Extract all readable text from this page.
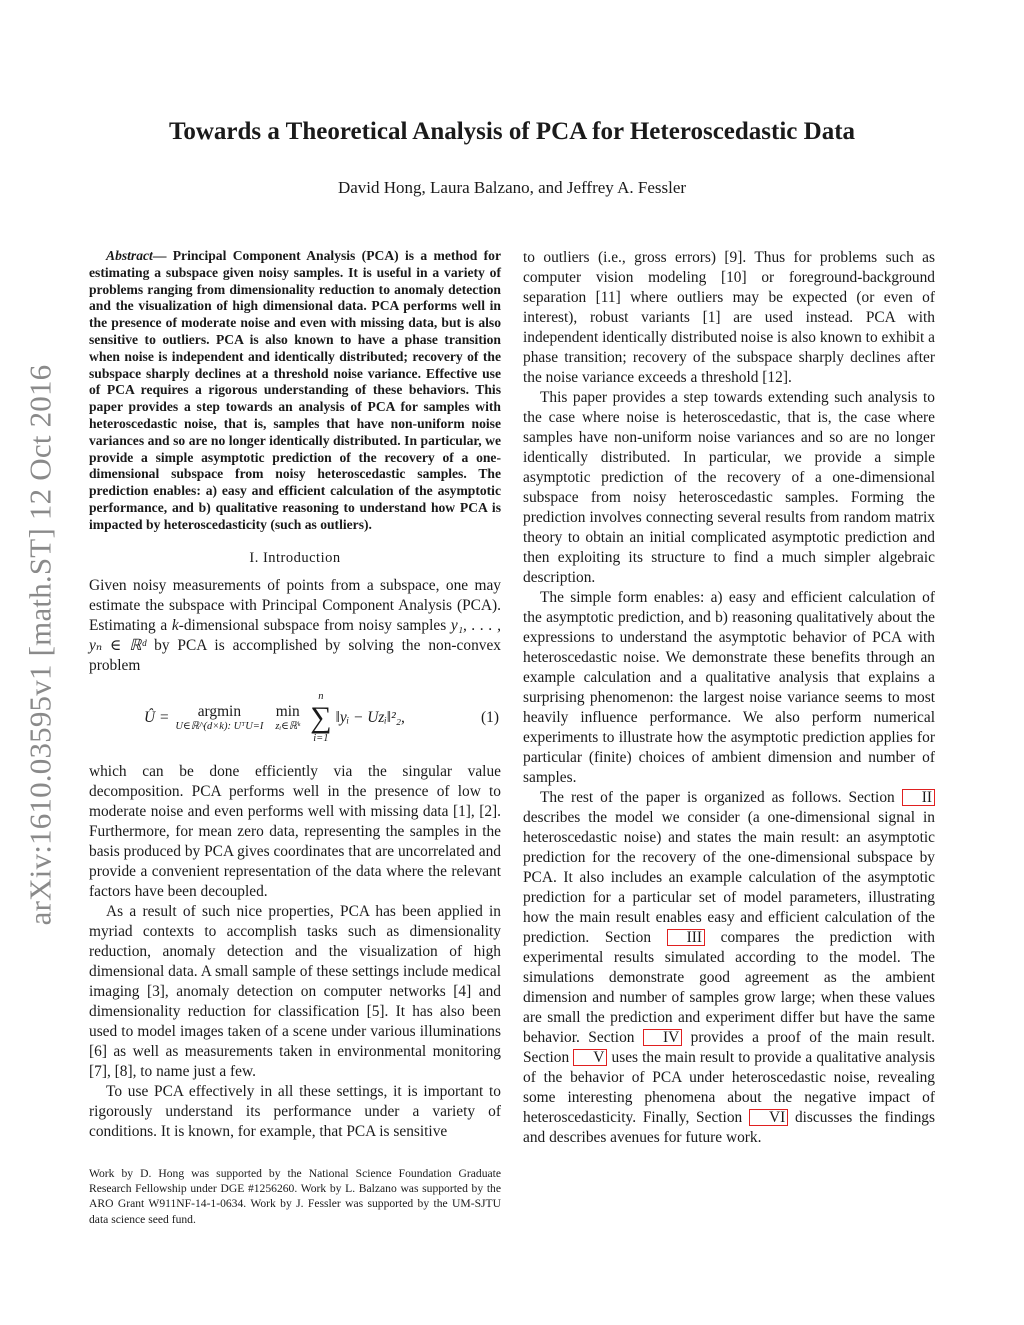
arXiv:1610.03595v1 [math.ST] 12 Oct 2016
Towards a Theoretical Analysis of PCA for Heteroscedastic Data
David Hong, Laura Balzano, and Jeffrey A. Fessler
Abstract— Principal Component Analysis (PCA) is a method for estimating a subspace given noisy samples. It is useful in a variety of problems ranging from dimensionality reduction to anomaly detection and the visualization of high dimensional data. PCA performs well in the presence of moderate noise and even with missing data, but is also sensitive to outliers. PCA is also known to have a phase transition when noise is independent and identically distributed; recovery of the subspace sharply declines at a threshold noise variance. Effective use of PCA requires a rigorous understanding of these behaviors. This paper provides a step towards an analysis of PCA for samples with heteroscedastic noise, that is, samples that have non-uniform noise variances and so are no longer identically distributed. In particular, we provide a simple asymptotic prediction of the recovery of a one-dimensional subspace from noisy heteroscedastic samples. The prediction enables: a) easy and efficient calculation of the asymptotic performance, and b) qualitative reasoning to understand how PCA is impacted by heteroscedasticity (such as outliers).
I. Introduction

Given noisy measurements of points from a subspace, one may estimate the subspace with Principal Component Analysis (PCA). Estimating a k-dimensional subspace from noisy samples y₁, . . . , yₙ ∈ ℝᵈ by PCA is accomplished by solving the non-convex problem

Û = argmin
U∈ℝ^(d×k): UᵀU=I
min
zᵢ∈ℝᵏ
n
∑
i=1
‖yᵢ − Uzᵢ‖²₂,	(1)

which can be done efficiently via the singular value decomposition. PCA performs well in the presence of low to moderate noise and even performs well with missing data [1], [2]. Furthermore, for mean zero data, representing the samples in the basis produced by PCA gives coordinates that are uncorrelated and provide a convenient representation of the data where the relevant factors have been decoupled.

As a result of such nice properties, PCA has been applied in myriad contexts to accomplish tasks such as dimensionality reduction, anomaly detection and the visualization of high dimensional data. A small sample of these settings include medical imaging [3], anomaly detection on computer networks [4] and dimensionality reduction for classification [5]. It has also been used to model images taken of a scene under various illuminations [6] as well as measurements taken in environmental monitoring [7], [8], to name just a few.

To use PCA effectively in all these settings, it is important to rigorously understand its performance under a variety of conditions. It is known, for example, that PCA is sensitive

Work by D. Hong was supported by the National Science Foundation Graduate Research Fellowship under DGE #1256260. Work by L. Balzano was supported by the ARO Grant W911NF-14-1-0634. Work by J. Fessler was supported by the UM-SJTU data science seed fund.

to outliers (i.e., gross errors) [9]. Thus for problems such as computer vision modeling [10] or foreground-background separation [11] where outliers may be expected (or even of interest), robust variants [1] are used instead. PCA with independent identically distributed noise is also known to exhibit a phase transition; recovery of the subspace sharply declines after the noise variance exceeds a threshold [12].

This paper provides a step towards extending such analysis to the case where noise is heteroscedastic, that is, the case where samples have non-uniform noise variances and so are no longer identically distributed. In particular, we provide a simple asymptotic prediction of the recovery of a one-dimensional subspace from noisy heteroscedastic samples. Forming the prediction involves connecting several results from random matrix theory to obtain an initial complicated asymptotic prediction and then exploiting its structure to find a much simpler algebraic description.

The simple form enables: a) easy and efficient calculation of the asymptotic prediction, and b) reasoning qualitatively about the expressions to understand the asymptotic behavior of PCA with heteroscedastic noise. We demonstrate these benefits through an example calculation and a qualitative analysis that explains a surprising phenomenon: the largest noise variance seems to most heavily influence performance. We also perform numerical experiments to illustrate how the asymptotic prediction applies for particular (finite) choices of ambient dimension and number of samples.

The rest of the paper is organized as follows. Section II describes the model we consider (a one-dimensional signal in heteroscedastic noise) and states the main result: an asymptotic prediction for the recovery of the one-dimensional subspace by PCA. It also includes an example calculation of the asymptotic prediction for a particular set of model parameters, illustrating how the main result enables easy and efficient calculation of the prediction. Section III compares the prediction with experimental results simulated according to the model. The simulations demonstrate good agreement as the ambient dimension and number of samples grow large; when these values are small the prediction and experiment differ but have the same behavior. Section IV provides a proof of the main result. Section V uses the main result to provide a qualitative analysis of the behavior of PCA under heteroscedastic noise, revealing some interesting phenomena about the negative impact of heteroscedasticity. Finally, Section VI discusses the findings and describes avenues for future work.
